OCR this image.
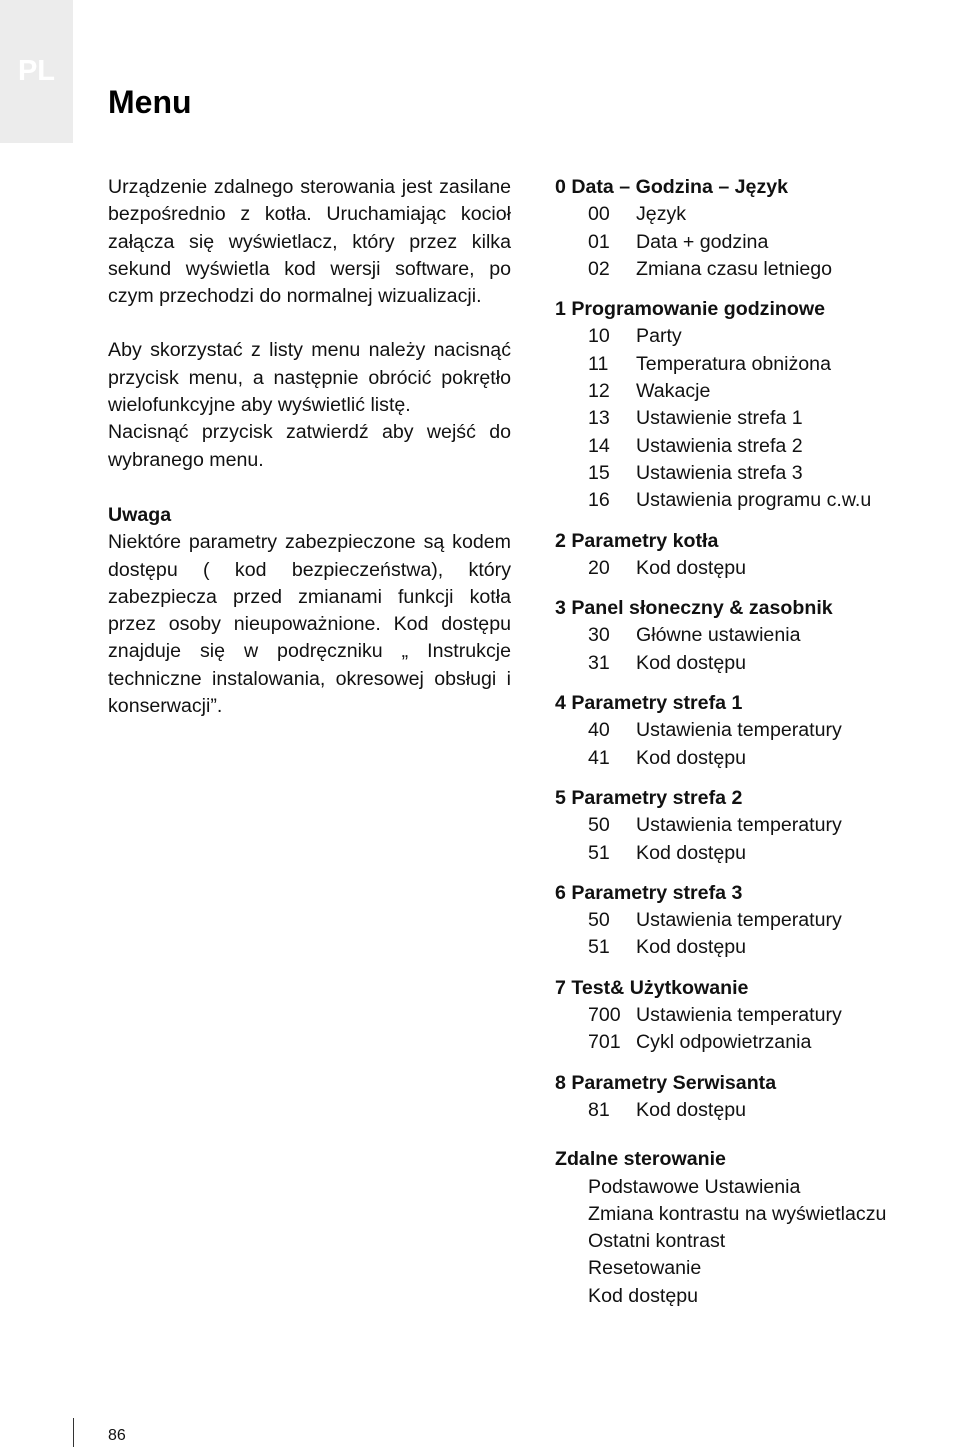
PL
Menu

Urządzenie zdalnego sterowania jest zasilane bezpośrednio z kotła. Uruchamiając kocioł załącza się wyświetlacz, który przez kilka sekund wyświetla kod wersji software, po czym przechodzi do normalnej wizualizacji.

Aby skorzystać z listy menu należy nacisnąć przycisk menu, a następnie obrócić pokrętło wielofunkcyjne aby wyświetlić listę.

Nacisnąć przycisk zatwierdź aby wejść do wybranego menu.

Uwaga

Niektóre parametry zabezpieczone są kodem dostępu ( kod bezpieczeństwa), który zabezpiecza przed zmianami funkcji kotła przez osoby nieupoważnione. Kod dostępu znajduje się w podręczniku „ Instrukcje techniczne instalowania, okresowej obsługi i konserwacji”.

0 Data – Godzina – Język
00	Język
01	Data + godzina
02	Zmiana czasu letniego
1 Programowanie godzinowe
10	Party
11	Temperatura obniżona
12	Wakacje
13	Ustawienie strefa 1
14	Ustawienia strefa 2
15	Ustawienia strefa 3
16	Ustawienia programu c.w.u
2 Parametry kotła
20	Kod dostępu
3 Panel słoneczny & zasobnik
30	Główne ustawienia
31	Kod dostępu
4 Parametry strefa 1
40	Ustawienia temperatury
41	Kod dostępu
5 Parametry strefa 2
50	Ustawienia temperatury
51	Kod dostępu
6 Parametry strefa 3
50	Ustawienia temperatury
51	Kod dostępu
7 Test& Użytkowanie
700 Ustawienia temperatury
701 Cykl odpowietrzania
8 Parametry Serwisanta
81	Kod dostępu
Zdalne sterowanie
Podstawowe Ustawienia
Zmiana kontrastu na wyświetlaczu
Ostatni kontrast
Resetowanie
Kod dostępu
86
